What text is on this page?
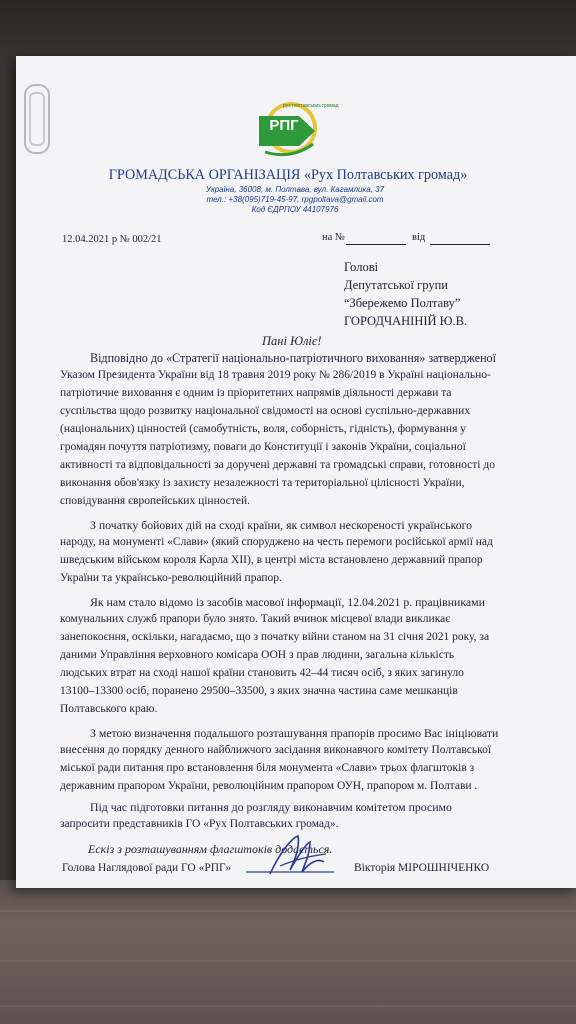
РПГ
рух полтавських громад
ГРОМАДСЬКА ОРГАНІЗАЦІЯ «Рух Полтавських громад»
Україна, 36008, м. Полтава, вул. Кагамлика, 37
тел.: +38(095)719-45-97, rpgpoltava@gmail.com
Код ЄДРПОУ 44107976
12.04.2021 р № 002/21	на №	від
Голові
Депутатської групи
“Збережемо Полтаву”
ГОРОДЧАНІНІЙ Ю.В.
Пані Юліє!
Відповідно до «Стратегії національно-патріотичного виховання» затвердженої
Указом Президента України від 18 травня 2019 року № 286/2019 в Україні національно-
патріотичне виховання є одним із пріоритетних напрямів діяльності держави та
суспільства щодо розвитку національної свідомості на основі суспільно-державних
(національних) цінностей (самобутність, воля, соборність, гідність), формування у
громадян почуття патріотизму, поваги до Конституції і законів України, соціальної
активності та відповідальності за доручені державні та громадські справи, готовності до
виконання обов'язку із захисту незалежності та територіальної цілісності України,
сповідування європейських цінностей.
З початку бойових дій на сході країни, як символ нескореності українського
народу, на монументі «Слави» (який споруджено на честь перемоги російської армії над
шведським військом короля Карла XII), в центрі міста встановлено державний прапор
України та українсько-революційний прапор.
Як нам стало відомо із засобів масової інформації, 12.04.2021 р. працівниками
комунальних служб прапори було знято. Такий вчинок місцевої влади викликає
занепокоєння, оскільки, нагадаємо, що з початку війни станом на 31 січня 2021 року, за
даними Управління верховного комісара ООН з прав людини, загальна кількість
людських втрат на сході нашої країни становить 42–44 тисяч осіб, з яких загинуло
13100–13300 осіб, поранено 29500–33500, з яких значна частина саме мешканців
Полтавського краю.
З метою визначення подальшого розташування прапорів просимо Вас ініціювати
внесення до порядку денного найближчого засідання виконавчого комітету Полтавської
міської ради питання про встановлення біля монумента «Слави» трьох флагштоків з
державним прапором України, революційним прапором ОУН, прапором м. Полтави .
Під час підготовки питання до розгляду виконавчим комітетом просимо
запросити представників ГО «Рух Полтавських громад».
Ескіз з розташуванням флагштоків додається.
Голова Наглядової ради ГО «РПГ»	Вікторія МІРОШНІЧЕНКО
